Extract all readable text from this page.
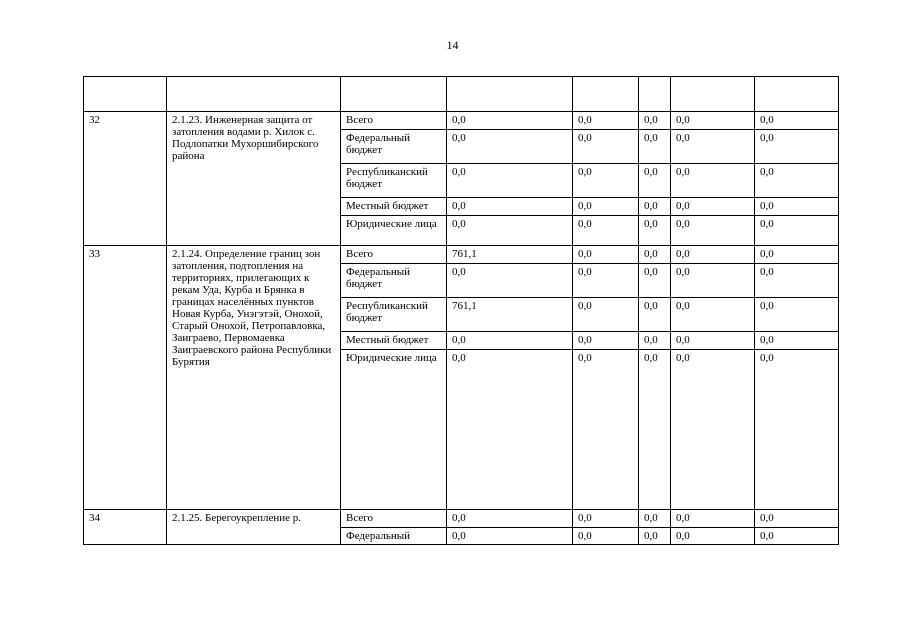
14

32	2.1.23. Инженерная защита от затопления водами р. Хилок с. Подлопатки Мухоршибирского района	Всего	0,0	0,0	0,0	0,0	0,0
		Федеральный бюджет	0,0	0,0	0,0	0,0	0,0
		Республиканский бюджет	0,0	0,0	0,0	0,0	0,0
		Местный бюджет	0,0	0,0	0,0	0,0	0,0
		Юридические лица	0,0	0,0	0,0	0,0	0,0
33	2.1.24. Определение границ зон затопления, подтопления на территориях, прилегающих к рекам Уда, Курба и Брянка в границах населённых пунктов Новая Курба, Унэгэтэй, Онохой, Старый Онохой, Петропавловка, Заиграево, Первомаевка Заиграевского района Республики Бурятия	Всего	761,1	0,0	0,0	0,0	0,0
		Федеральный бюджет	0,0	0,0	0,0	0,0	0,0
		Республиканский бюджет	761,1	0,0	0,0	0,0	0,0
		Местный бюджет	0,0	0,0	0,0	0,0	0,0
		Юридические лица	0,0	0,0	0,0	0,0	0,0
34	2.1.25. Берегоукрепление р.	Всего	0,0	0,0	0,0	0,0	0,0
		Федеральный	0,0	0,0	0,0	0,0	0,0
